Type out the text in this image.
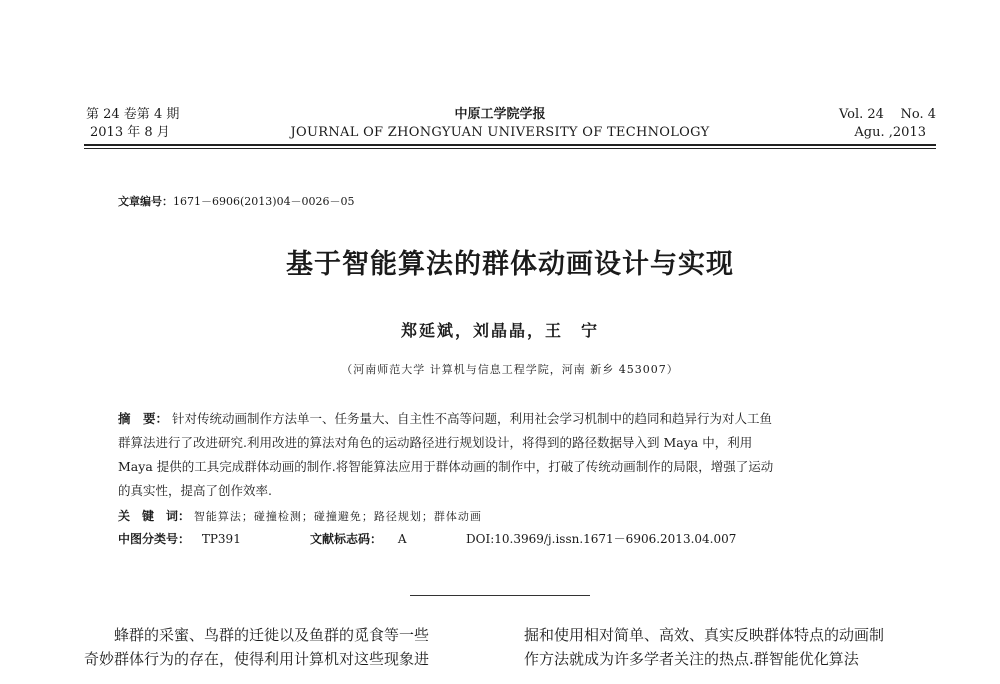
第 24 卷第 4 期
2013 年 8 月
中原工学院学报
JOURNAL OF ZHONGYUAN UNIVERSITY OF TECHNOLOGY
Vol. 24    No. 4
Agu. ,2013
文章编号：1671－6906(2013)04－0026－05
基于智能算法的群体动画设计与实现
郑延斌，刘晶晶，王　宁
（河南师范大学 计算机与信息工程学院，河南 新乡 453007）
摘　要： 针对传统动画制作方法单一、任务量大、自主性不高等问题，利用社会学习机制中的趋同和趋异行为对人工鱼
群算法进行了改进研究.利用改进的算法对角色的运动路径进行规划设计，将得到的路径数据导入到 Maya 中，利用
Maya 提供的工具完成群体动画的制作.将智能算法应用于群体动画的制作中，打破了传统动画制作的局限，增强了运动
的真实性，提高了创作效率.
关　键　词： 智能算法；碰撞检测；碰撞避免；路径规划；群体动画
中图分类号： TP391	文献标志码： A	DOI:10.3969/j.issn.1671－6906.2013.04.007
蜂群的采蜜、鸟群的迁徙以及鱼群的觅食等一些
奇妙群体行为的存在，使得利用计算机对这些现象进
掘和使用相对简单、高效、真实反映群体特点的动画制
作方法就成为许多学者关注的热点.群智能优化算法
